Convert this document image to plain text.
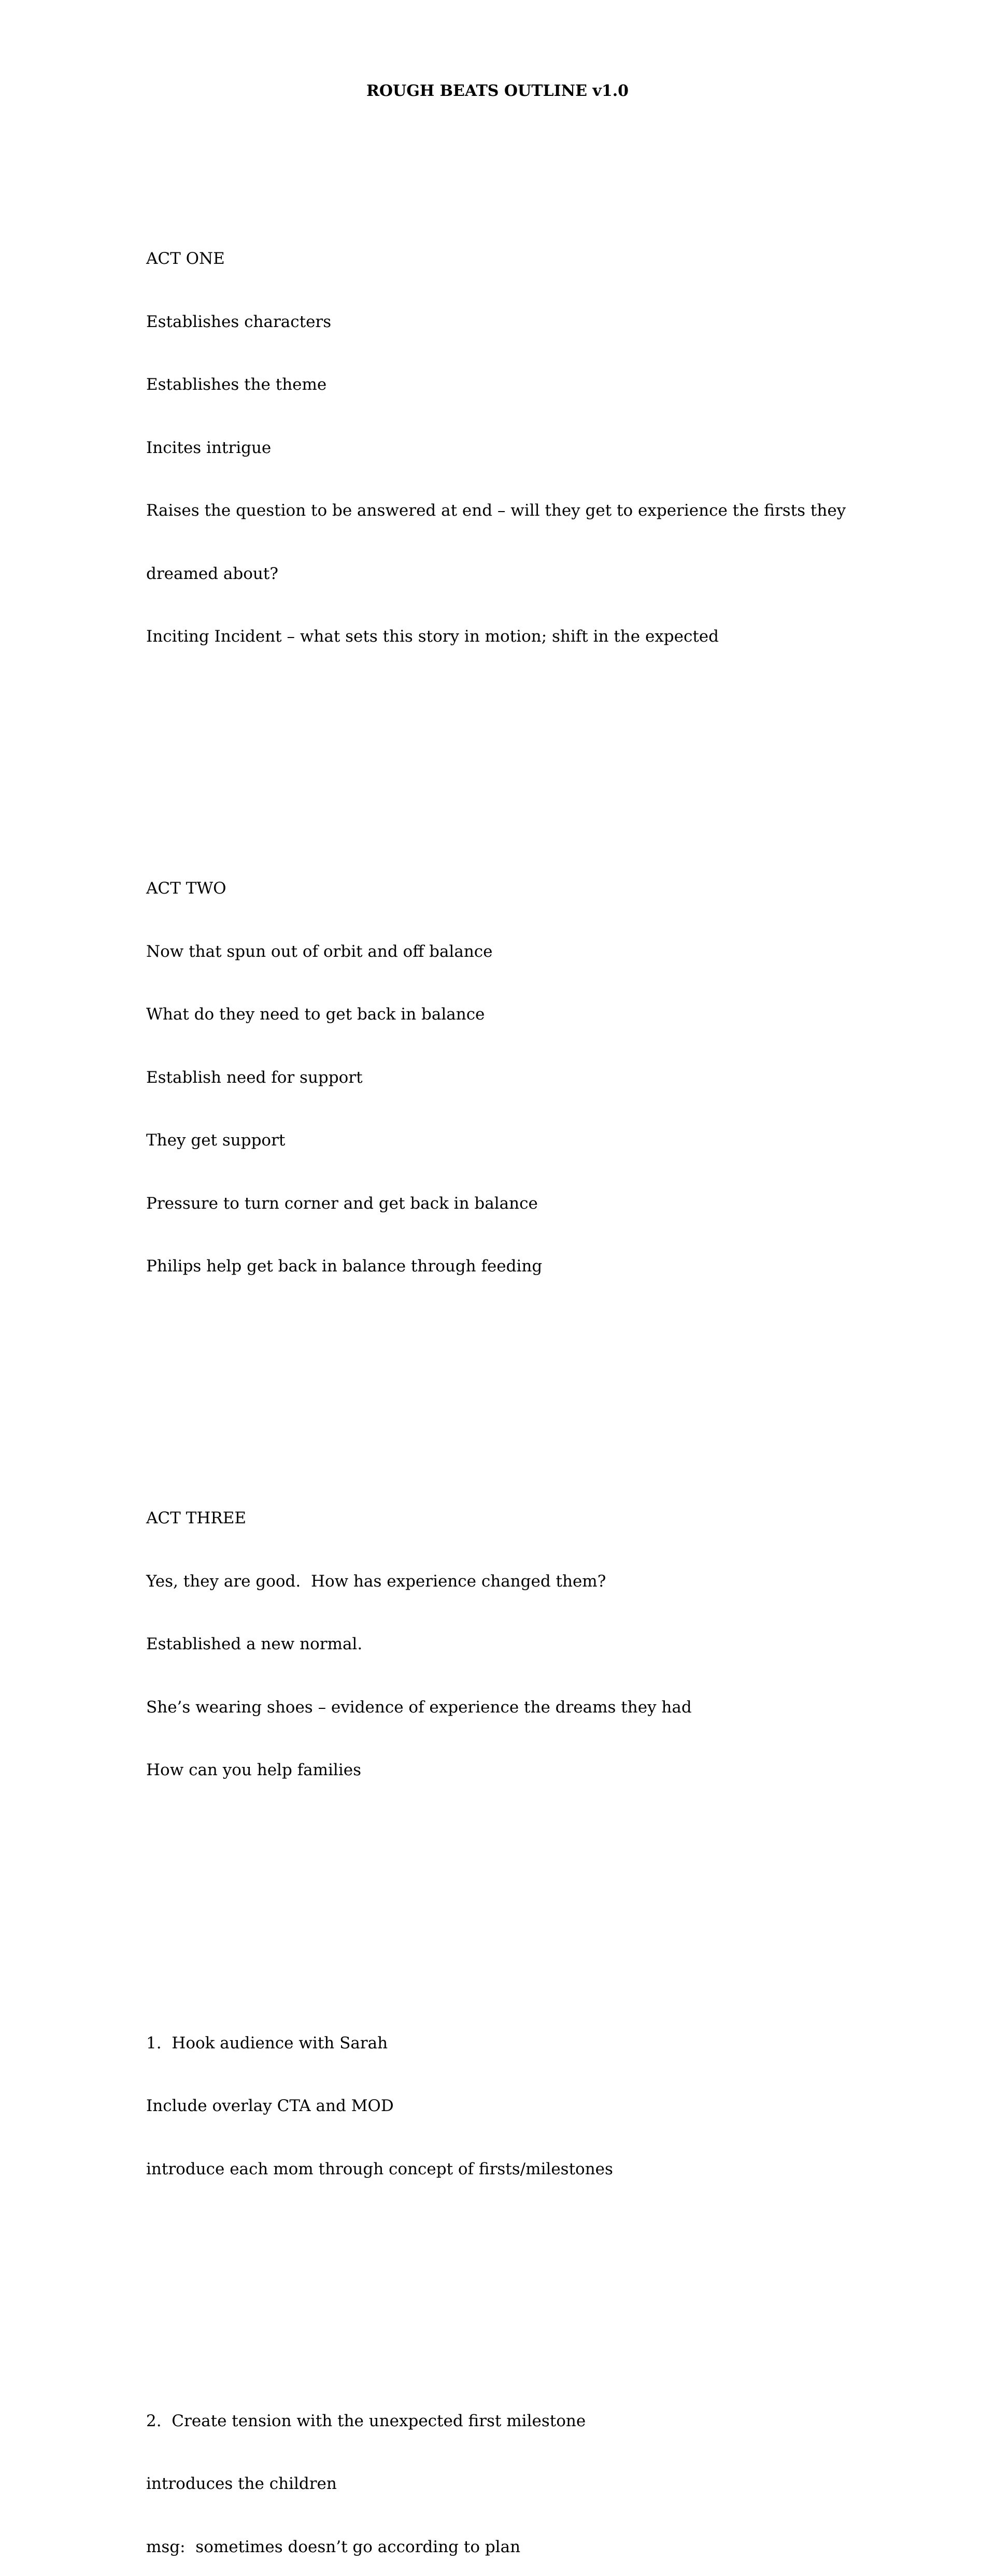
ROUGH BEATS OUTLINE v1.0

ACT ONE

Establishes characters

Establishes the theme

Incites intrigue

Raises the question to be answered at end – will they get to experience the firsts they

dreamed about?

Inciting Incident – what sets this story in motion; shift in the expected

ACT TWO

Now that spun out of orbit and off balance

What do they need to get back in balance

Establish need for support

They get support

Pressure to turn corner and get back in balance

Philips help get back in balance through feeding

ACT THREE

Yes, they are good.  How has experience changed them?

Established a new normal.

She’s wearing shoes – evidence of experience the dreams they had

How can you help families

1.  Hook audience with Sarah

Include overlay CTA and MOD

introduce each mom through concept of firsts/milestones

2.  Create tension with the unexpected first milestone

introduces the children

msg:  sometimes doesn’t go according to plan
